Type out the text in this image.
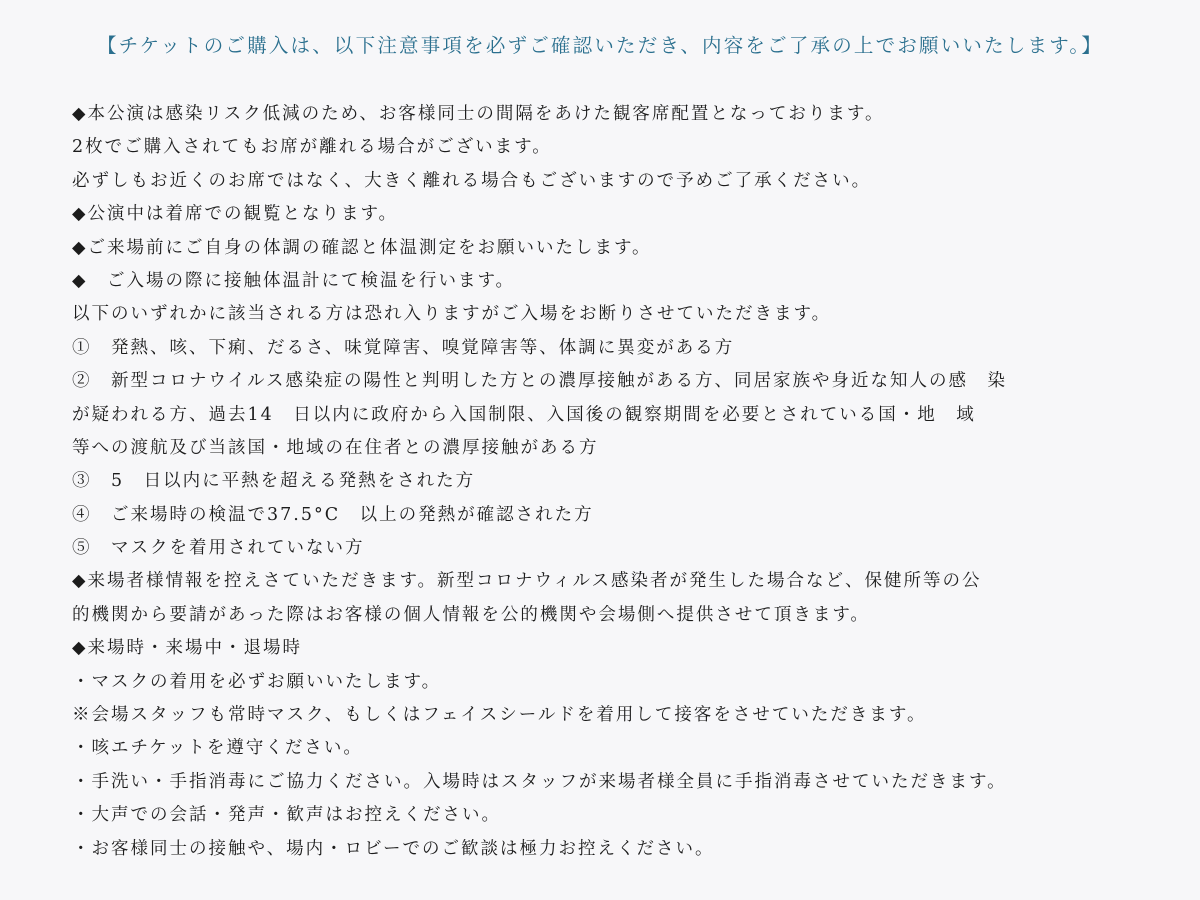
【チケットのご購入は、以下注意事項を必ずご確認いただき、内容をご了承の上でお願いいたします。】
◆本公演は感染リスク低減のため、お客様同士の間隔をあけた観客席配置となっております。
2枚でご購入されてもお席が離れる場合がございます。
必ずしもお近くのお席ではなく、大きく離れる場合もございますので予めご了承ください。
◆公演中は着席での観覧となります。
◆ご来場前にご自身の体調の確認と体温測定をお願いいたします。
◆　ご入場の際に接触体温計にて検温を行います。
以下のいずれかに該当される方は恐れ入りますがご入場をお断りさせていただきます。
①　発熱、咳、下痢、だるさ、味覚障害、嗅覚障害等、体調に異変がある方
②　新型コロナウイルス感染症の陽性と判明した方との濃厚接触がある方、同居家族や身近な知人の感　染
が疑われる方、過去14　日以内に政府から入国制限、入国後の観察期間を必要とされている国・地　域
等への渡航及び当該国・地域の在住者との濃厚接触がある方
③　5　日以内に平熱を超える発熱をされた方
④　ご来場時の検温で37.5°C　以上の発熱が確認された方
⑤　マスクを着用されていない方
◆来場者様情報を控えさていただきます。新型コロナウィルス感染者が発生した場合など、保健所等の公
的機関から要請があった際はお客様の個人情報を公的機関や会場側へ提供させて頂きます。
◆来場時・来場中・退場時
・マスクの着用を必ずお願いいたします。
※会場スタッフも常時マスク、もしくはフェイスシールドを着用して接客をさせていただきます。
・咳エチケットを遵守ください。
・手洗い・手指消毒にご協力ください。入場時はスタッフが来場者様全員に手指消毒させていただきます。
・大声での会話・発声・歓声はお控えください。
・お客様同士の接触や、場内・ロビーでのご歓談は極力お控えください。
